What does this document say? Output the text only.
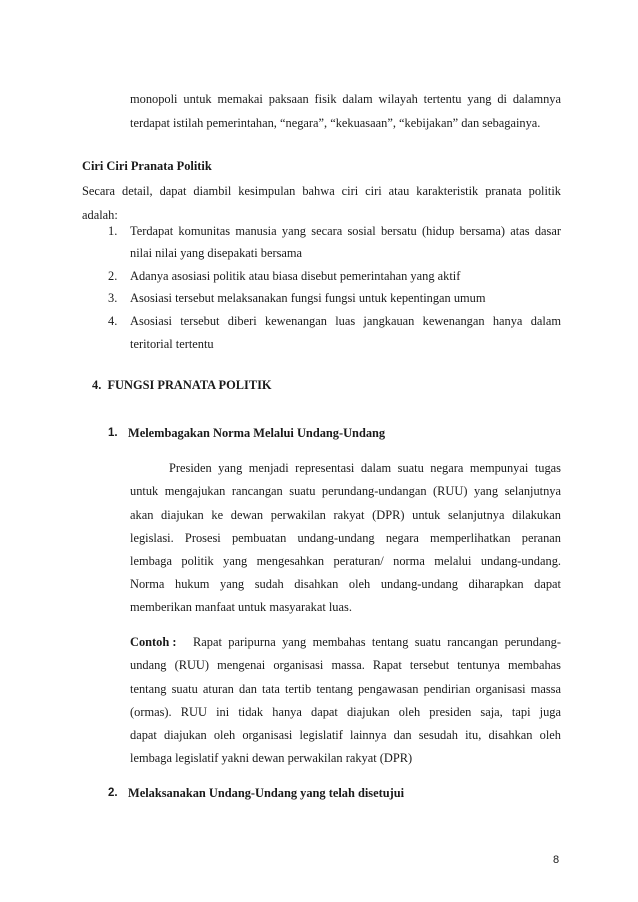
monopoli untuk memakai paksaan fisik dalam wilayah tertentu yang di dalamnya
terdapat istilah pemerintahan, “negara”, “kekuasaan”, “kebijakan” dan sebagainya.
Ciri Ciri Pranata Politik
Secara detail, dapat diambil kesimpulan bahwa ciri ciri atau karakteristik pranata politik
adalah:
1. Terdapat komunitas manusia yang secara sosial bersatu (hidup bersama) atas dasar
nilai nilai yang disepakati bersama
2. Adanya asosiasi politik atau biasa disebut pemerintahan yang aktif
3. Asosiasi tersebut melaksanakan fungsi fungsi untuk kepentingan umum
4. Asosiasi tersebut diberi kewenangan luas jangkauan kewenangan hanya dalam
teritorial tertentu
4.  FUNGSI PRANATA POLITIK
1. Melembagakan Norma Melalui Undang-Undang
Presiden yang menjadi representasi dalam suatu negara mempunyai tugas
untuk mengajukan rancangan suatu perundang-undangan (RUU) yang selanjutnya
akan diajukan ke dewan perwakilan rakyat (DPR) untuk selanjutnya dilakukan
legislasi. Prosesi pembuatan undang-undang negara memperlihatkan peranan
lembaga politik yang mengesahkan peraturan/ norma melalui undang-undang.
Norma hukum yang sudah disahkan oleh undang-undang diharapkan dapat
memberikan manfaat untuk masyarakat luas.
Contoh : Rapat paripurna yang membahas tentang suatu rancangan perundang-
undang (RUU) mengenai organisasi massa. Rapat tersebut tentunya membahas
tentang suatu aturan dan tata tertib tentang pengawasan pendirian organisasi massa
(ormas). RUU ini tidak hanya dapat diajukan oleh presiden saja, tapi juga
dapat diajukan oleh organisasi legislatif lainnya dan sesudah itu, disahkan oleh
lembaga legislatif yakni dewan perwakilan rakyat (DPR)
2. Melaksanakan Undang-Undang yang telah disetujui
8
